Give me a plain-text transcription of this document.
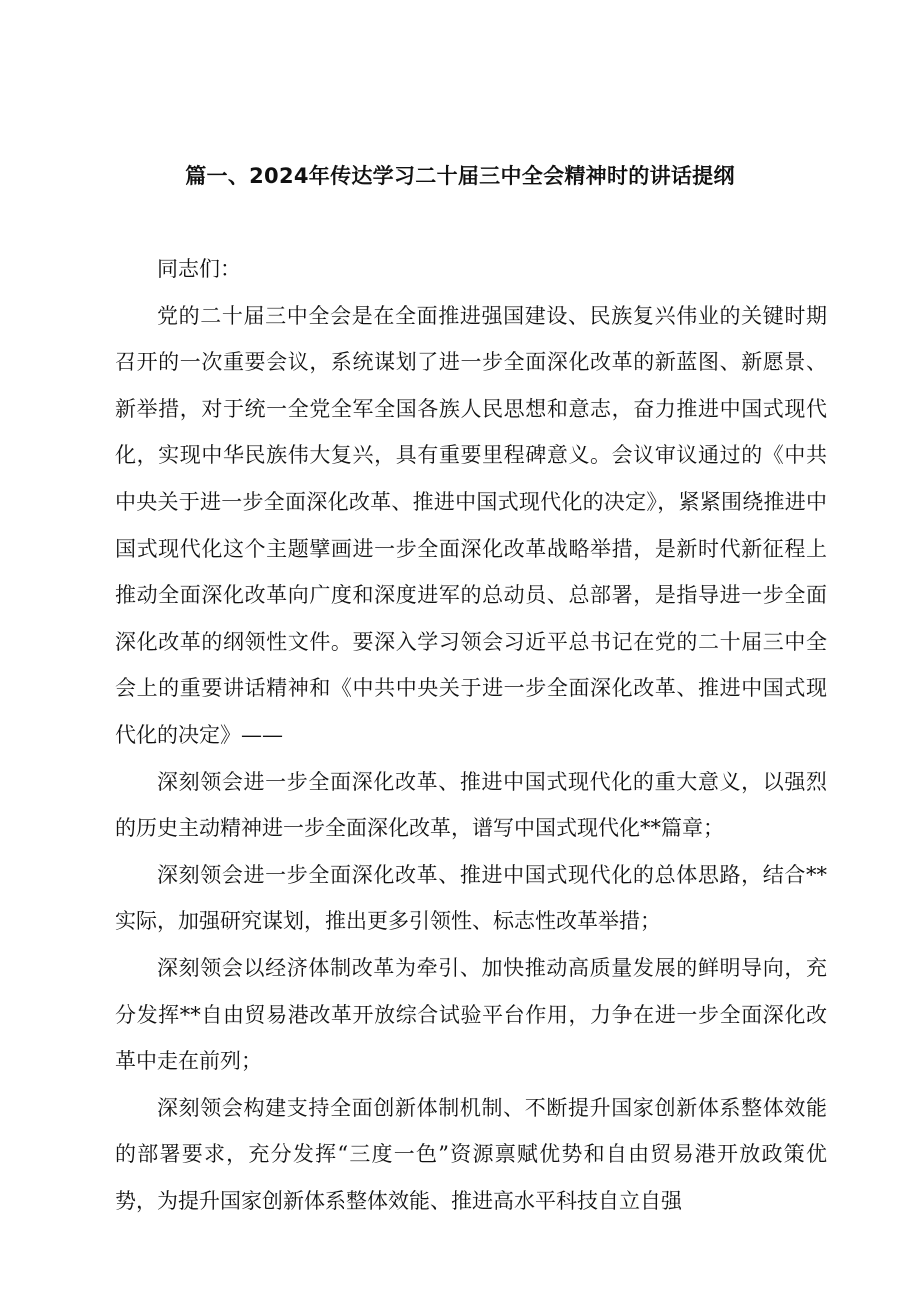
篇一、2024年传达学习二十届三中全会精神时的讲话提纲

同志们：

党的二十届三中全会是在全面推进强国建设、民族复兴伟业的关键时期召开的一次重要会议，系统谋划了进一步全面深化改革的新蓝图、新愿景、新举措，对于统一全党全军全国各族人民思想和意志，奋力推进中国式现代化，实现中华民族伟大复兴，具有重要里程碑意义。会议审议通过的《中共中央关于进一步全面深化改革、推进中国式现代化的决定》，紧紧围绕推进中国式现代化这个主题擘画进一步全面深化改革战略举措，是新时代新征程上推动全面深化改革向广度和深度进军的总动员、总部署，是指导进一步全面深化改革的纲领性文件。要深入学习领会习近平总书记在党的二十届三中全会上的重要讲话精神和《中共中央关于进一步全面深化改革、推进中国式现代化的决定》——

深刻领会进一步全面深化改革、推进中国式现代化的重大意义，以强烈的历史主动精神进一步全面深化改革，谱写中国式现代化**篇章；

深刻领会进一步全面深化改革、推进中国式现代化的总体思路，结合**实际，加强研究谋划，推出更多引领性、标志性改革举措；

深刻领会以经济体制改革为牵引、加快推动高质量发展的鲜明导向，充分发挥**自由贸易港改革开放综合试验平台作用，力争在进一步全面深化改革中走在前列；

深刻领会构建支持全面创新体制机制、不断提升国家创新体系整体效能的部署要求，充分发挥“三度一色”资源禀赋优势和自由贸易港开放政策优势，为提升国家创新体系整体效能、推进高水平科技自立自强
